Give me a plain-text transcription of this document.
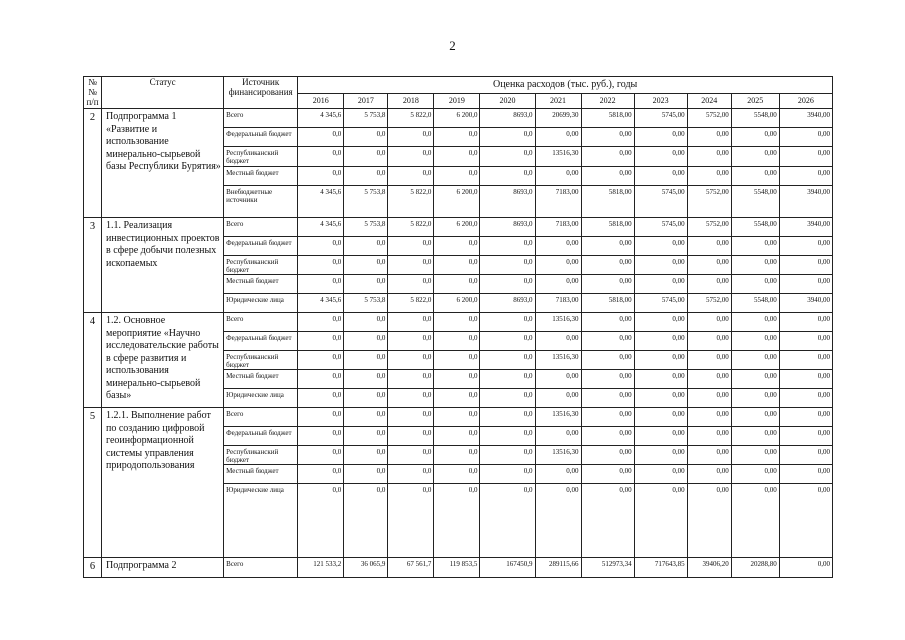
2
№
№
п/п	Статус	Источник финансирования	Оценка расходов (тыс. руб.), годы										
			2016	2017	2018	2019	2020	2021	2022	2023	2024	2025	2026
2	Подпрограмма 1 «Развитие и использование минерально-сырьевой базы Республики Бурятия»	Всего	4 345,6	5 753,8	5 822,0	6 200,0	8693,0	20699,30	5818,00	5745,00	5752,00	5548,00	3940,00
		Федеральный бюджет	0,0	0,0	0,0	0,0	0,0	0,00	0,00	0,00	0,00	0,00	0,00
		Республиканский бюджет	0,0	0,0	0,0	0,0	0,0	13516,30	0,00	0,00	0,00	0,00	0,00
		Местный бюджет	0,0	0,0	0,0	0,0	0,0	0,00	0,00	0,00	0,00	0,00	0,00
		Внебюджетные источники	4 345,6	5 753,8	5 822,0	6 200,0	8693,0	7183,00	5818,00	5745,00	5752,00	5548,00	3940,00
3	1.1. Реализация инвестиционных проектов в сфере добычи полезных ископаемых	Всего	4 345,6	5 753,8	5 822,0	6 200,0	8693,0	7183,00	5818,00	5745,00	5752,00	5548,00	3940,00
		Федеральный бюджет	0,0	0,0	0,0	0,0	0,0	0,00	0,00	0,00	0,00	0,00	0,00
		Республиканский бюджет	0,0	0,0	0,0	0,0	0,0	0,00	0,00	0,00	0,00	0,00	0,00
		Местный бюджет	0,0	0,0	0,0	0,0	0,0	0,00	0,00	0,00	0,00	0,00	0,00
		Юридические лица	4 345,6	5 753,8	5 822,0	6 200,0	8693,0	7183,00	5818,00	5745,00	5752,00	5548,00	3940,00
4	1.2. Основное мероприятие «Научно исследовательские работы в сфере развития и использования минерально-сырьевой базы»	Всего	0,0	0,0	0,0	0,0	0,0	13516,30	0,00	0,00	0,00	0,00	0,00
		Федеральный бюджет	0,0	0,0	0,0	0,0	0,0	0,00	0,00	0,00	0,00	0,00	0,00
		Республиканский бюджет	0,0	0,0	0,0	0,0	0,0	13516,30	0,00	0,00	0,00	0,00	0,00
		Местный бюджет	0,0	0,0	0,0	0,0	0,0	0,00	0,00	0,00	0,00	0,00	0,00
		Юридические лица	0,0	0,0	0,0	0,0	0,0	0,00	0,00	0,00	0,00	0,00	0,00
5	1.2.1. Выполнение работ по созданию цифровой геоинформационной системы управления природопользования	Всего	0,0	0,0	0,0	0,0	0,0	13516,30	0,00	0,00	0,00	0,00	0,00
		Федеральный бюджет	0,0	0,0	0,0	0,0	0,0	0,00	0,00	0,00	0,00	0,00	0,00
		Республиканский бюджет	0,0	0,0	0,0	0,0	0,0	13516,30	0,00	0,00	0,00	0,00	0,00
		Местный бюджет	0,0	0,0	0,0	0,0	0,0	0,00	0,00	0,00	0,00	0,00	0,00
		Юридические лица	0,0	0,0	0,0	0,0	0,0	0,00	0,00	0,00	0,00	0,00	0,00
6	Подпрограмма 2	Всего	121 533,2	36 065,9	67 561,7	119 853,5	167450,9	289115,66	512973,34	717643,85	39406,20	20288,80	0,00
